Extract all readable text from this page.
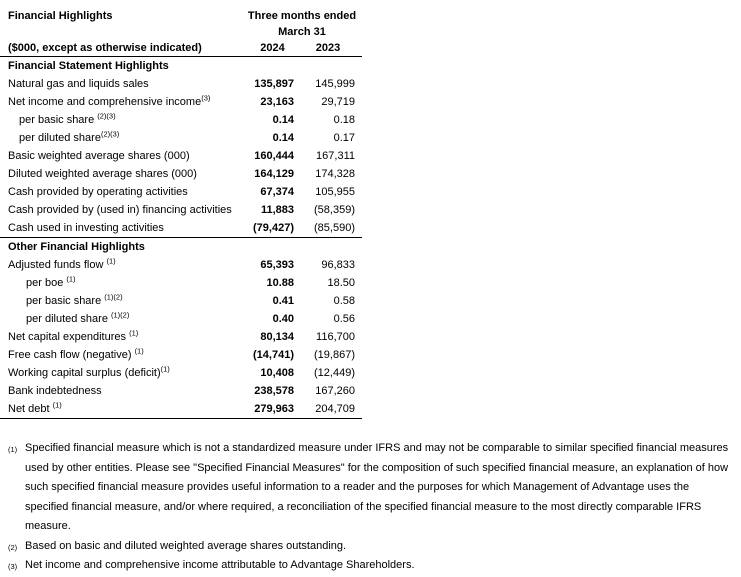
Financial Highlights	Three months ended	
	March 31	
($000, except as otherwise indicated)	2024	2023
Financial Statement Highlights		
Natural gas and liquids sales	135,897	145,999
Net income and comprehensive income$^{(3)}$	23,163	29,719
per basic share $^{(2)(3)}$	0.14	0.18
per diluted share$^{(2)(3)}$	0.14	0.17
Basic weighted average shares (000)	160,444	167,311
Diluted weighted average shares (000)	164,129	174,328
Cash provided by operating activities	67,374	105,955
Cash provided by (used in) financing activities	11,883	(58,359)
Cash used in investing activities	(79,427)	(85,590)
Other Financial Highlights		
Adjusted funds flow $^{(1)}$	65,393	96,833
per boe $^{(1)}$	10.88	18.50
per basic share $^{(1)(2)}$	0.41	0.58
per diluted share $^{(1)(2)}$	0.40	0.56
Net capital expenditures $^{(1)}$	80,134	116,700
Free cash flow (negative) $^{(1)}$	(14,741)	(19,867)
Working capital surplus (deficit)$^{(1)}$	10,408	(12,449)
Bank indebtedness	238,578	167,260
Net debt $^{(1)}$	279,963	204,709
(1) Specified financial measure which is not a standardized measure under IFRS and may not be comparable to similar specified financial measures used by other entities. Please see "Specified Financial Measures" for the composition of such specified financial measure, an explanation of how such specified financial measure provides useful information to a reader and the purposes for which Management of Advantage uses the specified financial measure, and/or where required, a reconciliation of the specified financial measure to the most directly comparable IFRS measure.
(2) Based on basic and diluted weighted average shares outstanding.
(3) Net income and comprehensive income attributable to Advantage Shareholders.
